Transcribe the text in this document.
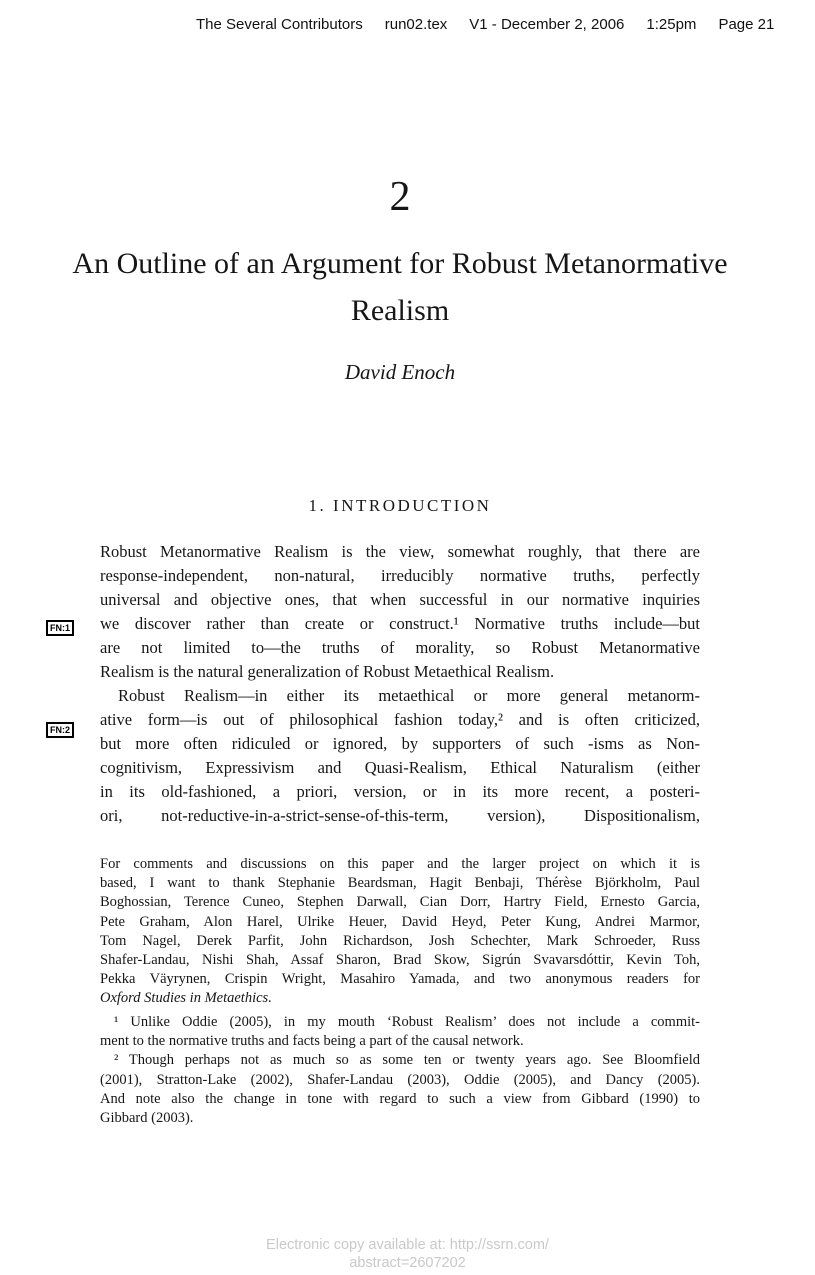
The Several Contributors run02.tex V1 - December 2, 2006 1:25pm Page 21
2
An Outline of an Argument for Robust Metanormative Realism
David Enoch
1. INTRODUCTION
FN:1
FN:2
Robust Metanormative Realism is the view, somewhat roughly, that there are
response-independent, non-natural, irreducibly normative truths, perfectly
universal and objective ones, that when successful in our normative inquiries
we discover rather than create or construct.¹ Normative truths include—but
are not limited to—the truths of morality, so Robust Metanormative
Realism is the natural generalization of Robust Metaethical Realism.
Robust Realism—in either its metaethical or more general metanorm-
ative form—is out of philosophical fashion today,² and is often criticized,
but more often ridiculed or ignored, by supporters of such -isms as Non-
cognitivism, Expressivism and Quasi-Realism, Ethical Naturalism (either
in its old-fashioned, a priori, version, or in its more recent, a posteri-
ori, not-reductive-in-a-strict-sense-of-this-term, version), Dispositionalism,
For comments and discussions on this paper and the larger project on which it is
based, I want to thank Stephanie Beardsman, Hagit Benbaji, Thérèse Björkholm, Paul
Boghossian, Terence Cuneo, Stephen Darwall, Cian Dorr, Hartry Field, Ernesto Garcia,
Pete Graham, Alon Harel, Ulrike Heuer, David Heyd, Peter Kung, Andrei Marmor,
Tom Nagel, Derek Parfit, John Richardson, Josh Schechter, Mark Schroeder, Russ
Shafer-Landau, Nishi Shah, Assaf Sharon, Brad Skow, Sigrún Svavarsdóttir, Kevin Toh,
Pekka Väyrynen, Crispin Wright, Masahiro Yamada, and two anonymous readers for
Oxford Studies in Metaethics.
¹ Unlike Oddie (2005), in my mouth ‘Robust Realism’ does not include a commit-
ment to the normative truths and facts being a part of the causal network.
² Though perhaps not as much so as some ten or twenty years ago. See Bloomfield
(2001), Stratton-Lake (2002), Shafer-Landau (2003), Oddie (2005), and Dancy (2005).
And note also the change in tone with regard to such a view from Gibbard (1990) to
Gibbard (2003).
Electronic copy available at: http://ssrn.com/
abstract=2607202
